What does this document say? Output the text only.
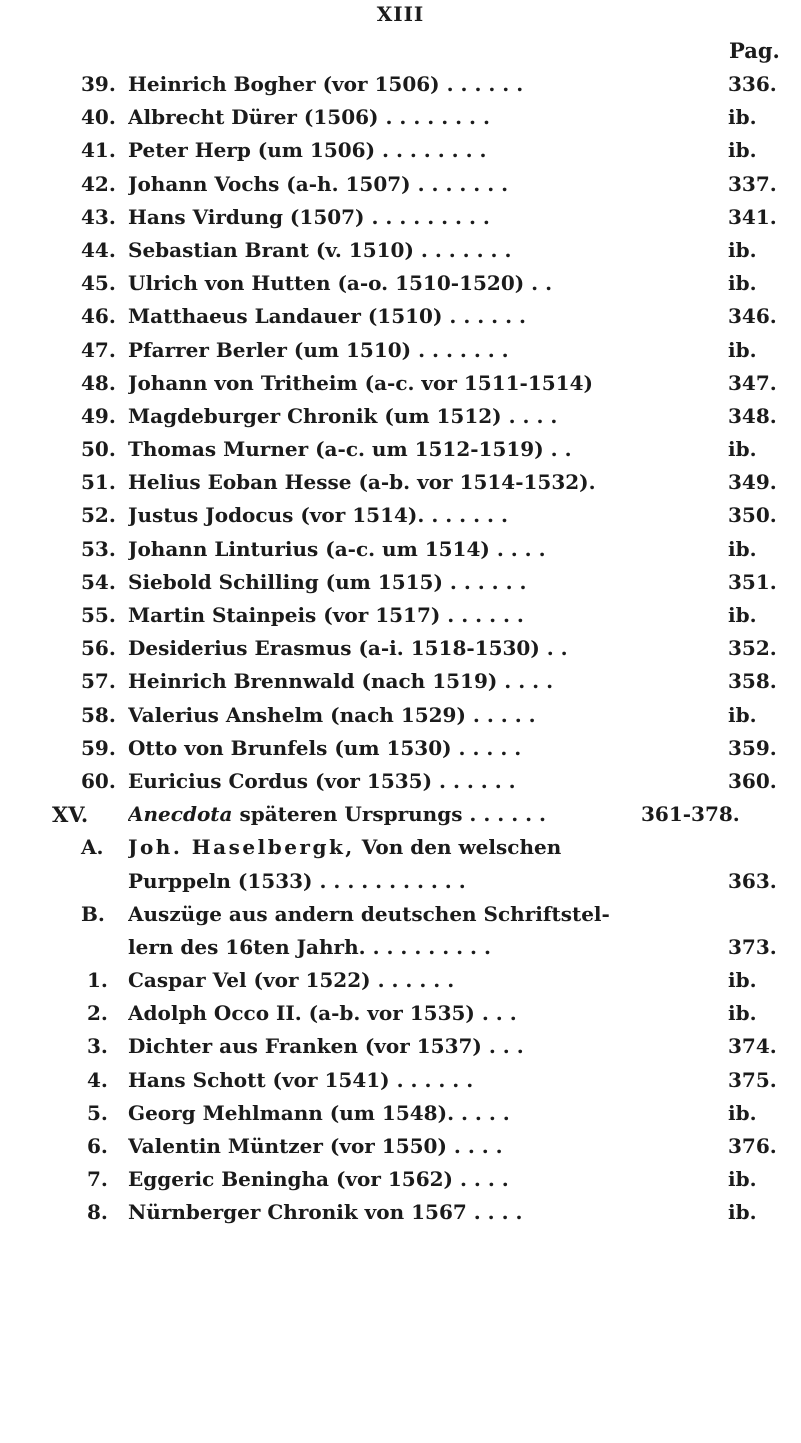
XIII
Pag.
39. Heinrich Bogher (vor 1506) . . . . . .	336.
40. Albrecht Dürer (1506) . . . . . . . .	ib.
41. Peter Herp (um 1506) . . . . . . . .	ib.
42. Johann Vochs (a-h. 1507) . . . . . . .	337.
43. Hans Virdung (1507) . . . . . . . . .	341.
44. Sebastian Brant (v. 1510) . . . . . . .	ib.
45. Ulrich von Hutten (a-o. 1510-1520) . .	ib.
46. Matthaeus Landauer (1510) . . . . . .	346.
47. Pfarrer Berler (um 1510) . . . . . . .	ib.
48. Johann von Tritheim (a-c. vor 1511-1514)	347.
49. Magdeburger Chronik (um 1512) . . . .	348.
50. Thomas Murner (a-c. um 1512-1519) . .	ib.
51. Helius Eoban Hesse (a-b. vor 1514-1532).	349.
52. Justus Jodocus (vor 1514). . . . . . .	350.
53. Johann Linturius (a-c. um 1514) . . . .	ib.
54. Siebold Schilling (um 1515) . . . . . .	351.
55. Martin Stainpeis (vor 1517) . . . . . .	ib.
56. Desiderius Erasmus (a-i. 1518-1530) . .	352.
57. Heinrich Brennwald (nach 1519) . . . .	358.
58. Valerius Anshelm (nach 1529) . . . . .	ib.
59. Otto von Brunfels (um 1530) . . . . .	359.
60. Euricius Cordus (vor 1535) . . . . . .	360.
XV. Anecdota späteren Ursprungs . . . . . .	361-378.
A. Joh. Haselbergk, Von den welschen
Purppeln (1533) . . . . . . . . . . .	363.
B. Auszüge aus andern deutschen Schriftstel-
lern des 16ten Jahrh. . . . . . . . . .	373.
1. Caspar Vel (vor 1522) . . . . . .	ib.
2. Adolph Occo II. (a-b. vor 1535) . . .	ib.
3. Dichter aus Franken (vor 1537) . . .	374.
4. Hans Schott (vor 1541) . . . . . .	375.
5. Georg Mehlmann (um 1548). . . . .	ib.
6. Valentin Müntzer (vor 1550) . . . .	376.
7. Eggeric Beningha (vor 1562) . . . .	ib.
8. Nürnberger Chronik von 1567 . . . .	ib.
